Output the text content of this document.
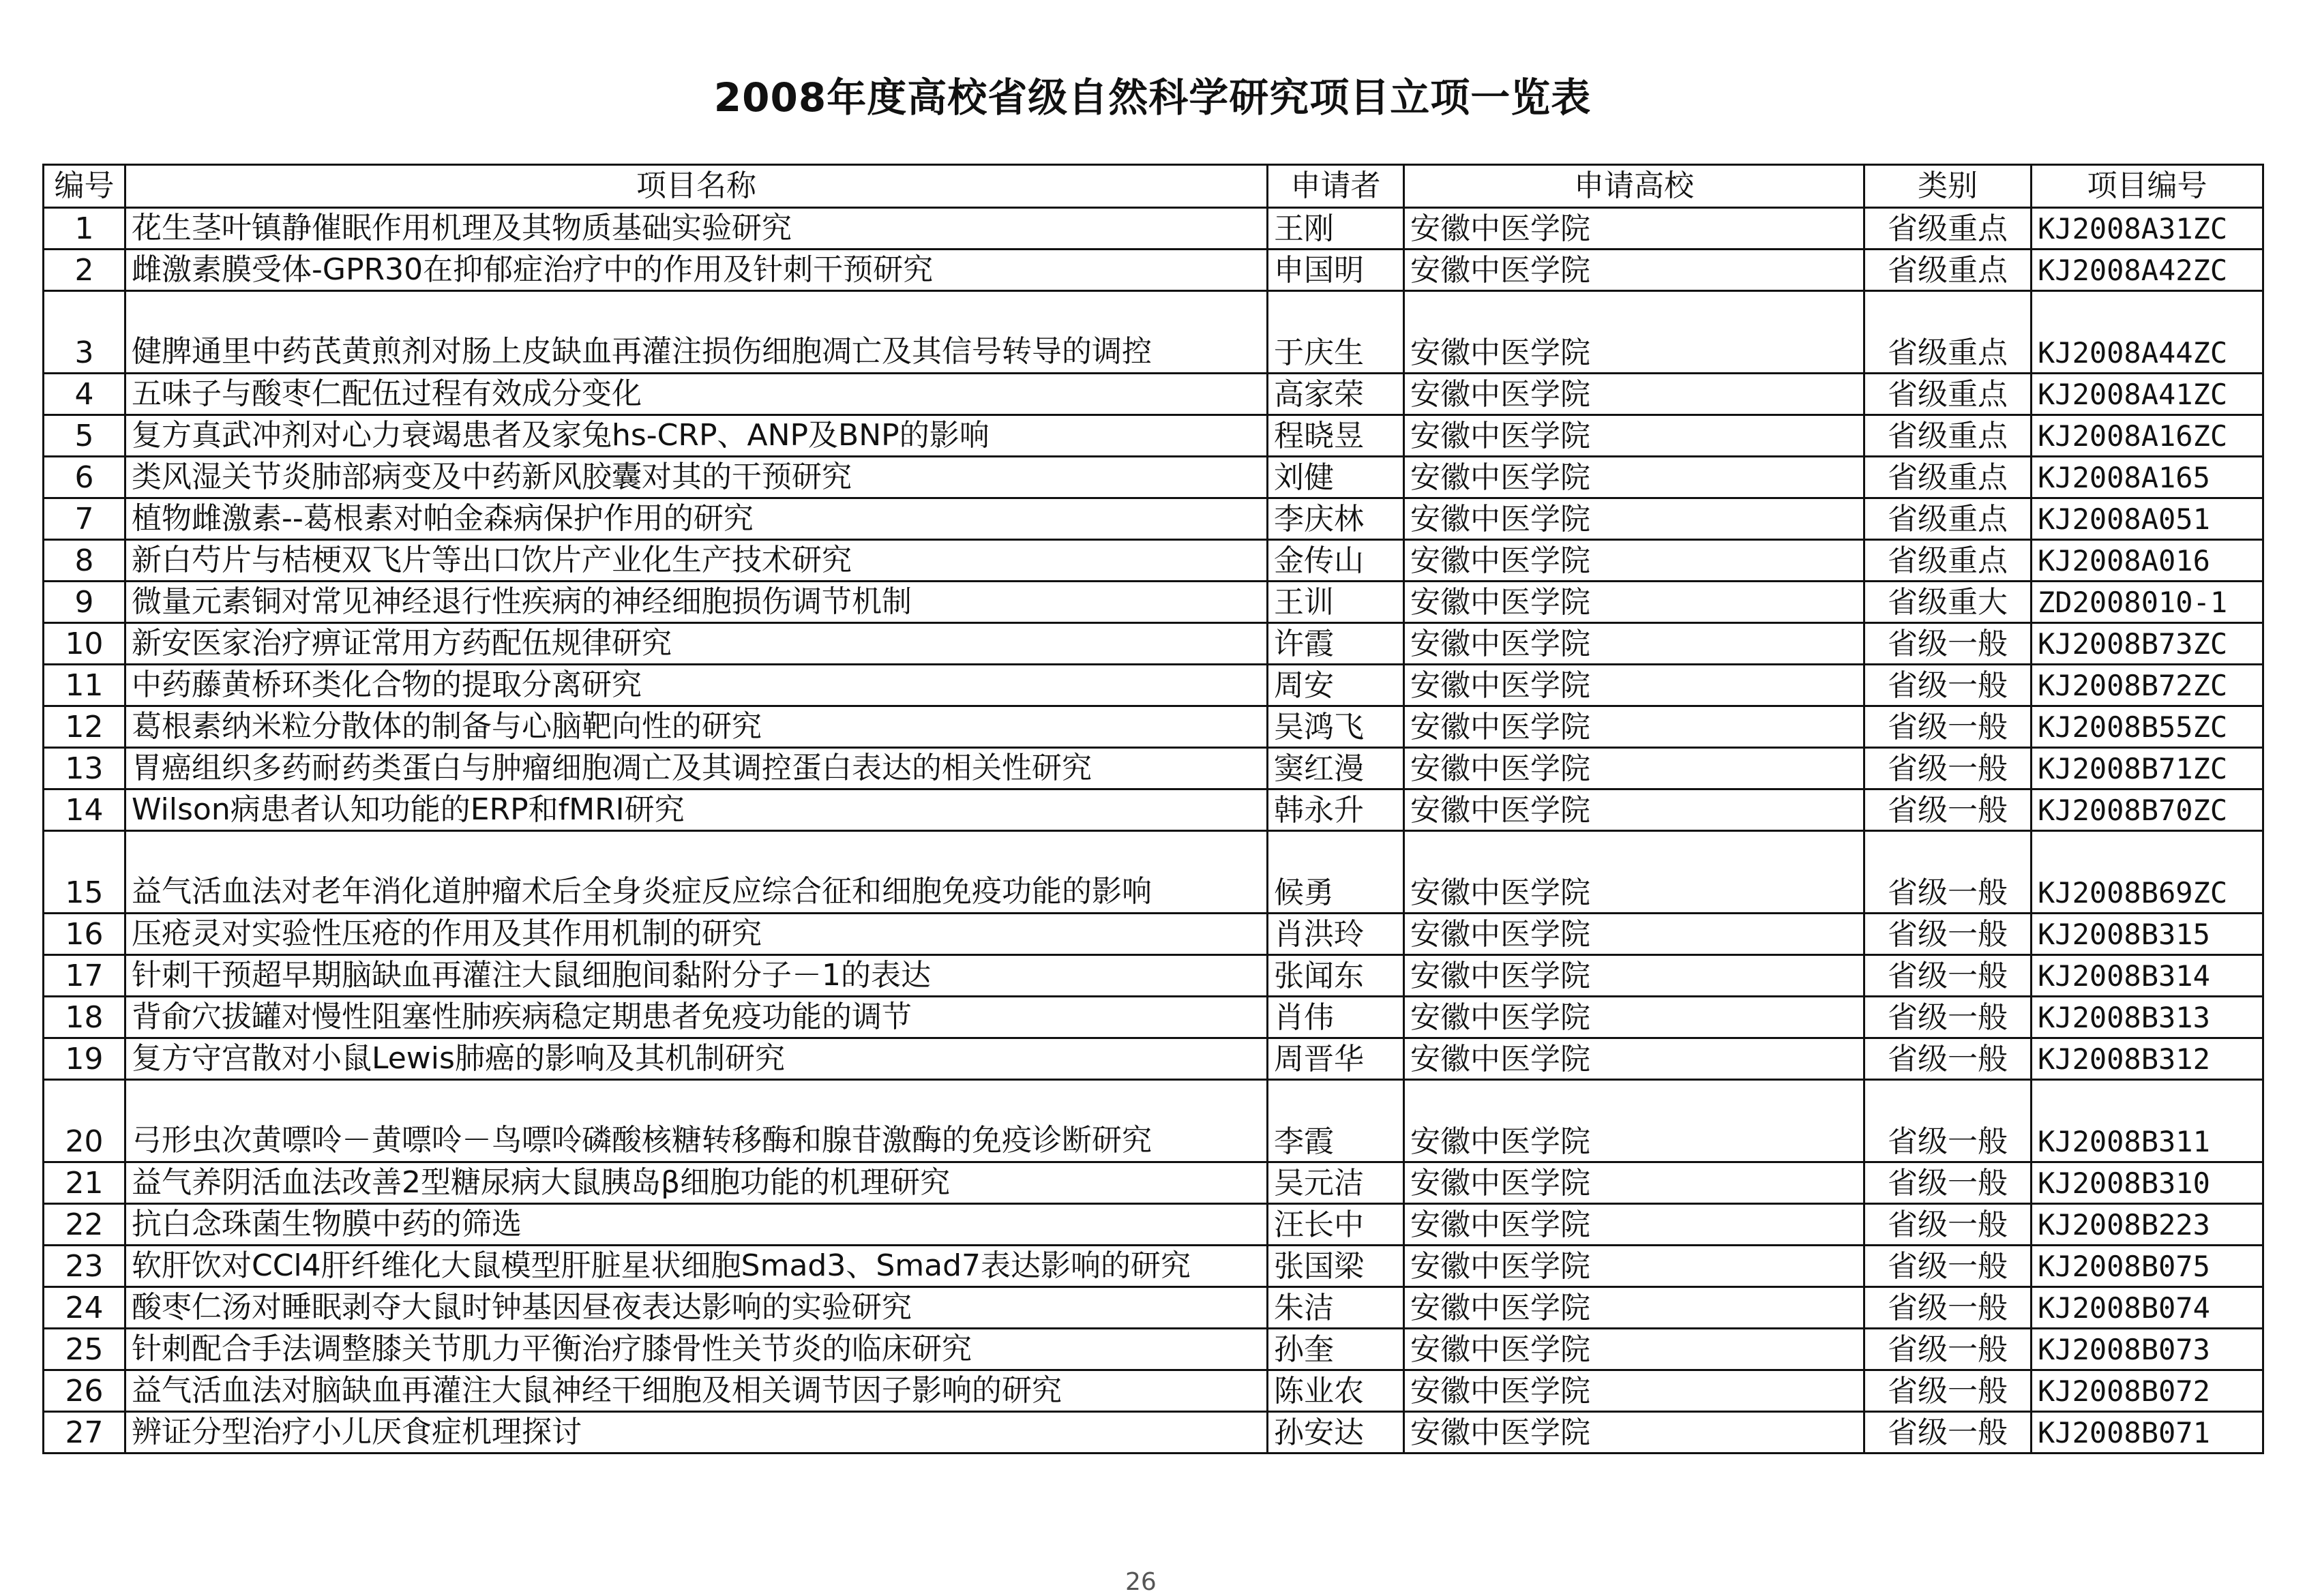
2008年度高校省级自然科学研究项目立项一览表
编号	项目名称	申请者	申请高校	类别	项目编号
1	花生茎叶镇静催眠作用机理及其物质基础实验研究	王刚	安徽中医学院	省级重点	KJ2008A31ZC
2	雌激素膜受体-GPR30在抑郁症治疗中的作用及针刺干预研究	申国明	安徽中医学院	省级重点	KJ2008A42ZC
3	健脾通里中药芪黄煎剂对肠上皮缺血再灌注损伤细胞凋亡及其信号转导的调控	于庆生	安徽中医学院	省级重点	KJ2008A44ZC
4	五味子与酸枣仁配伍过程有效成分变化	高家荣	安徽中医学院	省级重点	KJ2008A41ZC
5	复方真武冲剂对心力衰竭患者及家兔hs-CRP、ANP及BNP的影响	程晓昱	安徽中医学院	省级重点	KJ2008A16ZC
6	类风湿关节炎肺部病变及中药新风胶囊对其的干预研究	刘健	安徽中医学院	省级重点	KJ2008A165
7	植物雌激素--葛根素对帕金森病保护作用的研究	李庆林	安徽中医学院	省级重点	KJ2008A051
8	新白芍片与桔梗双飞片等出口饮片产业化生产技术研究	金传山	安徽中医学院	省级重点	KJ2008A016
9	微量元素铜对常见神经退行性疾病的神经细胞损伤调节机制	王训	安徽中医学院	省级重大	ZD2008010-1
10	新安医家治疗痹证常用方药配伍规律研究	许霞	安徽中医学院	省级一般	KJ2008B73ZC
11	中药藤黄桥环类化合物的提取分离研究	周安	安徽中医学院	省级一般	KJ2008B72ZC
12	葛根素纳米粒分散体的制备与心脑靶向性的研究	吴鸿飞	安徽中医学院	省级一般	KJ2008B55ZC
13	胃癌组织多药耐药类蛋白与肿瘤细胞凋亡及其调控蛋白表达的相关性研究	窦红漫	安徽中医学院	省级一般	KJ2008B71ZC
14	Wilson病患者认知功能的ERP和fMRI研究	韩永升	安徽中医学院	省级一般	KJ2008B70ZC
15	益气活血法对老年消化道肿瘤术后全身炎症反应综合征和细胞免疫功能的影响	候勇	安徽中医学院	省级一般	KJ2008B69ZC
16	压疮灵对实验性压疮的作用及其作用机制的研究	肖洪玲	安徽中医学院	省级一般	KJ2008B315
17	针刺干预超早期脑缺血再灌注大鼠细胞间黏附分子－1的表达	张闻东	安徽中医学院	省级一般	KJ2008B314
18	背俞穴拔罐对慢性阻塞性肺疾病稳定期患者免疫功能的调节	肖伟	安徽中医学院	省级一般	KJ2008B313
19	复方守宫散对小鼠Lewis肺癌的影响及其机制研究	周晋华	安徽中医学院	省级一般	KJ2008B312
20	弓形虫次黄嘌呤－黄嘌呤－鸟嘌呤磷酸核糖转移酶和腺苷激酶的免疫诊断研究	李霞	安徽中医学院	省级一般	KJ2008B311
21	益气养阴活血法改善2型糖尿病大鼠胰岛β细胞功能的机理研究	吴元洁	安徽中医学院	省级一般	KJ2008B310
22	抗白念珠菌生物膜中药的筛选	汪长中	安徽中医学院	省级一般	KJ2008B223
23	软肝饮对CCl4肝纤维化大鼠模型肝脏星状细胞Smad3、Smad7表达影响的研究	张国梁	安徽中医学院	省级一般	KJ2008B075
24	酸枣仁汤对睡眠剥夺大鼠时钟基因昼夜表达影响的实验研究	朱洁	安徽中医学院	省级一般	KJ2008B074
25	针刺配合手法调整膝关节肌力平衡治疗膝骨性关节炎的临床研究	孙奎	安徽中医学院	省级一般	KJ2008B073
26	益气活血法对脑缺血再灌注大鼠神经干细胞及相关调节因子影响的研究	陈业农	安徽中医学院	省级一般	KJ2008B072
27	辨证分型治疗小儿厌食症机理探讨	孙安达	安徽中医学院	省级一般	KJ2008B071
26
